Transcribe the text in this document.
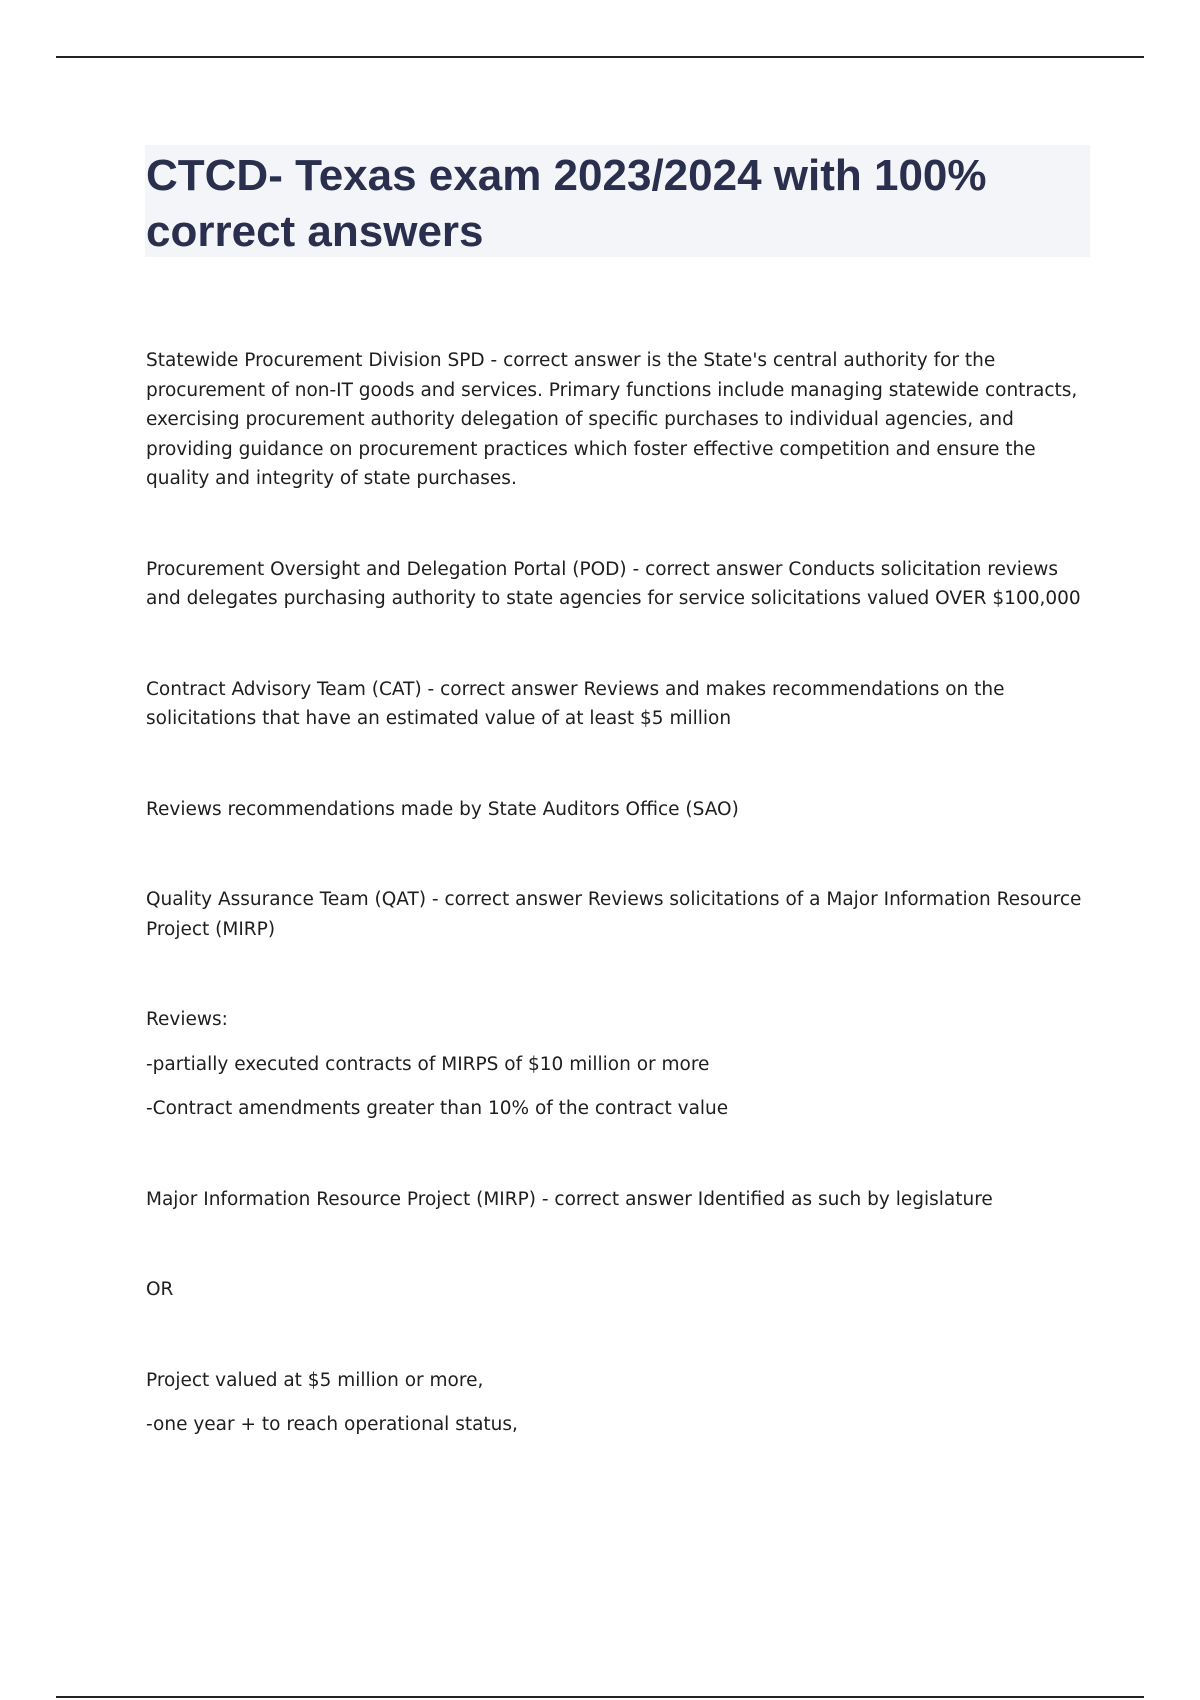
CTCD- Texas exam 2023/2024 with 100% correct answers

Statewide Procurement Division SPD - correct answer is the State's central authority for the procurement of non-IT goods and services. Primary functions include managing statewide contracts, exercising procurement authority delegation of specific purchases to individual agencies, and providing guidance on procurement practices which foster effective competition and ensure the quality and integrity of state purchases.

Procurement Oversight and Delegation Portal (POD) - correct answer Conducts solicitation reviews and delegates purchasing authority to state agencies for service solicitations valued OVER $100,000

Contract Advisory Team (CAT) - correct answer Reviews and makes recommendations on the solicitations that have an estimated value of at least $5 million

Reviews recommendations made by State Auditors Office (SAO)

Quality Assurance Team (QAT) - correct answer Reviews solicitations of a Major Information Resource Project (MIRP)

Reviews:

-partially executed contracts of MIRPS of $10 million or more

-Contract amendments greater than 10% of the contract value

Major Information Resource Project (MIRP) - correct answer Identified as such by legislature

OR

Project valued at $5 million or more,

-one year + to reach operational status,
